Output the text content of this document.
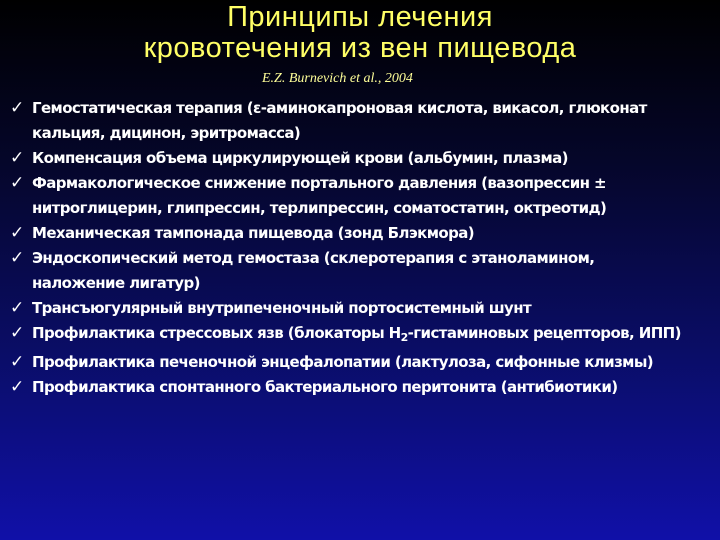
Принципы лечения
кровотечения из вен пищевода
E.Z. Burnevich et al., 2004
✓ Гемостатическая терапия (ε-аминокапроновая кислота, викасол, глюконат
кальция, дицинон, эритромасса)
✓ Компенсация объема циркулирующей крови (альбумин, плазма)
✓ Фармакологическое снижение портального давления (вазопрессин ±
нитроглицерин, глипрессин, терлипрессин, соматостатин, октреотид)
✓ Механическая тампонада пищевода (зонд Блэкмора)
✓ Эндоскопический метод гемостаза (склеротерапия с этаноламином,
наложение лигатур)
✓ Трансъюгулярный внутрипеченочный портосистемный шунт
✓ Профилактика стрессовых язв (блокаторы $H_2$-гистаминовых рецепторов, ИПП)
✓ Профилактика печеночной энцефалопатии (лактулоза, сифонные клизмы)
✓ Профилактика спонтанного бактериального перитонита (антибиотики)
